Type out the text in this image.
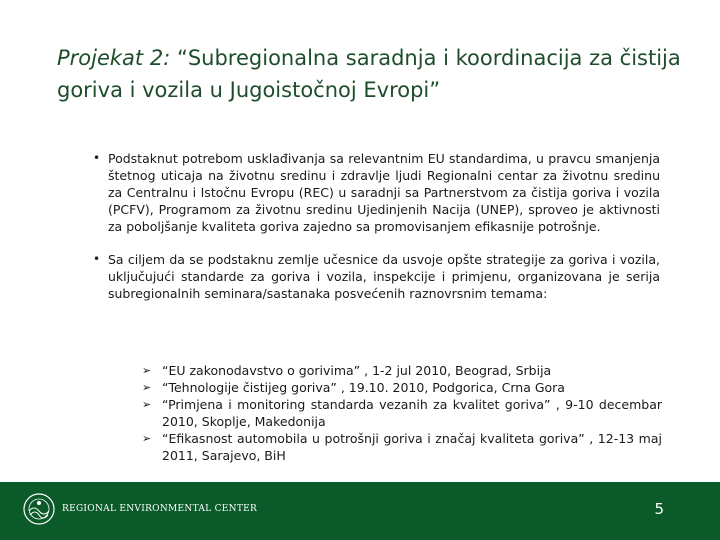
Projekat 2: “Subregionalna saradnja i koordinacija za čistija goriva i vozila u Jugoistočnoj Evropi”
• Podstaknut potrebom usklađivanja sa relevantnim EU standardima, u pravcu smanjenja štetnog uticaja na životnu sredinu i zdravlje ljudi Regionalni centar za životnu sredinu za Centralnu i Istočnu Evropu (REC) u saradnji sa Partnerstvom za čistija goriva i vozila (PCFV), Programom za životnu sredinu Ujedinjenih Nacija (UNEP), sproveo je aktivnosti za poboljšanje kvaliteta goriva zajedno sa promovisanjem efikasnije potrošnje.
• Sa ciljem da se podstaknu zemlje učesnice da usvoje opšte strategije za goriva i vozila, uključujući standarde za goriva i vozila, inspekcije i primjenu, organizovana je serija subregionalnih seminara/sastanaka posvećenih raznovrsnim temama:
➢ “EU zakonodavstvo o gorivima” , 1-2 jul 2010, Beograd, Srbija
➢ “Tehnologije čistijeg goriva” , 19.10. 2010, Podgorica, Crna Gora
➢ “Primjena i monitoring standarda vezanih za kvalitet goriva” , 9-10 decembar 2010, Skoplje, Makedonija
➢ “Efikasnost automobila u potrošnji goriva i značaj kvaliteta goriva” , 12-13 maj 2011, Sarajevo, BiH
REGIONAL ENVIRONMENTAL CENTER	5
